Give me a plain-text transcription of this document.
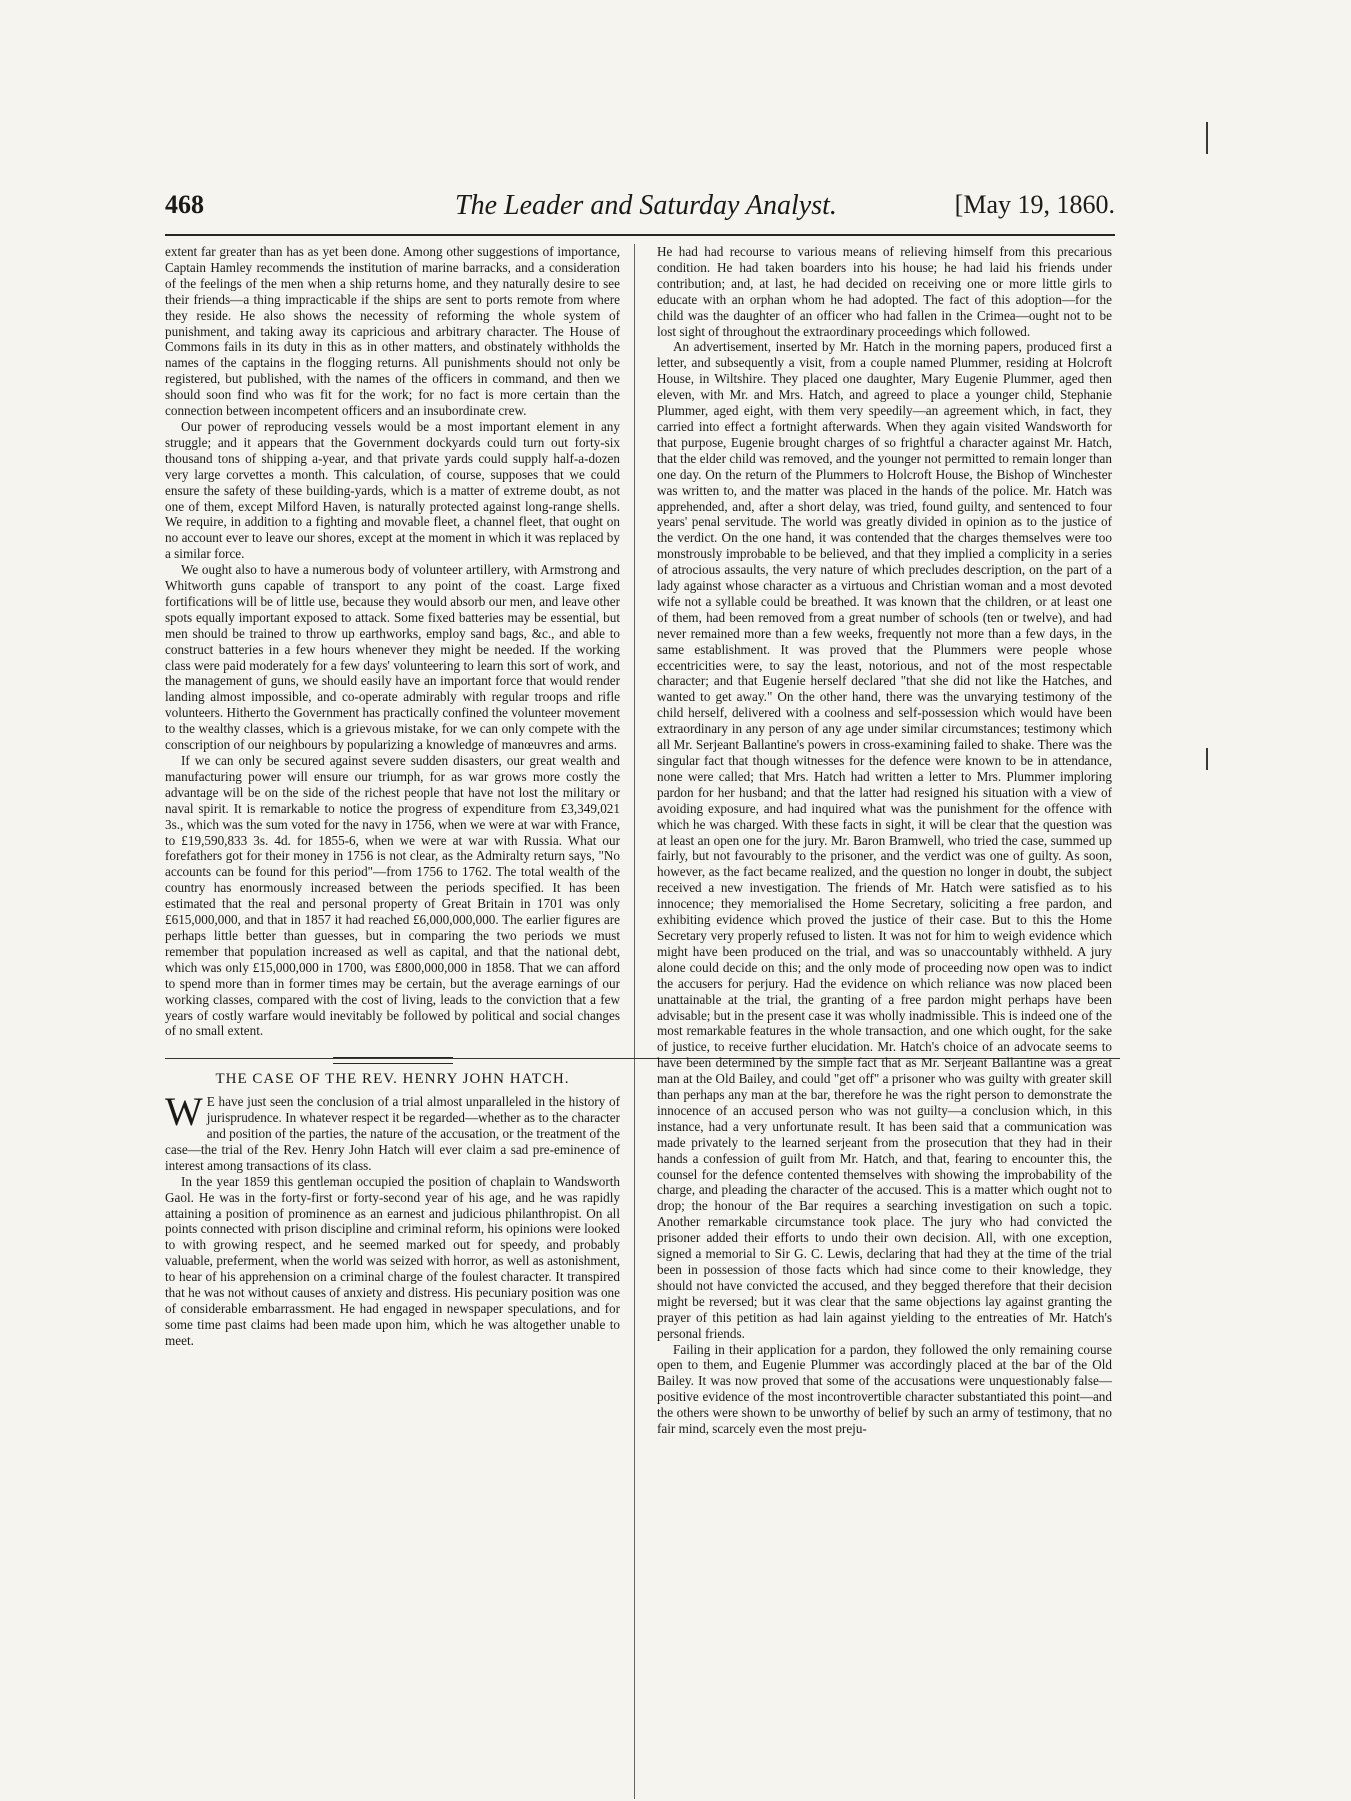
468	The Leader and Saturday Analyst.	[May 19, 1860.

extent far greater than has as yet been done. Among other suggestions of importance, Captain Hamley recommends the institution of marine barracks, and a consideration of the feelings of the men when a ship returns home, and they naturally desire to see their friends—a thing impracticable if the ships are sent to ports remote from where they reside. He also shows the necessity of reforming the whole system of punishment, and taking away its capricious and arbitrary character. The House of Commons fails in its duty in this as in other matters, and obstinately withholds the names of the captains in the flogging returns. All punishments should not only be registered, but published, with the names of the officers in command, and then we should soon find who was fit for the work; for no fact is more certain than the connection between incompetent officers and an insubordinate crew.

Our power of reproducing vessels would be a most important element in any struggle; and it appears that the Government dockyards could turn out forty-six thousand tons of shipping a-year, and that private yards could supply half-a-dozen very large corvettes a month. This calculation, of course, supposes that we could ensure the safety of these building-yards, which is a matter of extreme doubt, as not one of them, except Milford Haven, is naturally protected against long-range shells. We require, in addition to a fighting and movable fleet, a channel fleet, that ought on no account ever to leave our shores, except at the moment in which it was replaced by a similar force.

We ought also to have a numerous body of volunteer artillery, with Armstrong and Whitworth guns capable of transport to any point of the coast. Large fixed fortifications will be of little use, because they would absorb our men, and leave other spots equally important exposed to attack. Some fixed batteries may be essential, but men should be trained to throw up earthworks, employ sand bags, &c., and able to construct batteries in a few hours whenever they might be needed. If the working class were paid moderately for a few days' volunteering to learn this sort of work, and the management of guns, we should easily have an important force that would render landing almost impossible, and co-operate admirably with regular troops and rifle volunteers. Hitherto the Government has practically confined the volunteer movement to the wealthy classes, which is a grievous mistake, for we can only compete with the conscription of our neighbours by popularizing a knowledge of manœuvres and arms.

If we can only be secured against severe sudden disasters, our great wealth and manufacturing power will ensure our triumph, for as war grows more costly the advantage will be on the side of the richest people that have not lost the military or naval spirit. It is remarkable to notice the progress of expenditure from £3,349,021 3s., which was the sum voted for the navy in 1756, when we were at war with France, to £19,590,833 3s. 4d. for 1855-6, when we were at war with Russia. What our forefathers got for their money in 1756 is not clear, as the Admiralty return says, "No accounts can be found for this period"—from 1756 to 1762. The total wealth of the country has enormously increased between the periods specified. It has been estimated that the real and personal property of Great Britain in 1701 was only £615,000,000, and that in 1857 it had reached £6,000,000,000. The earlier figures are perhaps little better than guesses, but in comparing the two periods we must remember that population increased as well as capital, and that the national debt, which was only £15,000,000 in 1700, was £800,000,000 in 1858. That we can afford to spend more than in former times may be certain, but the average earnings of our working classes, compared with the cost of living, leads to the conviction that a few years of costly warfare would inevitably be followed by political and social changes of no small extent.

THE CASE OF THE REV. HENRY JOHN HATCH.

W E have just seen the conclusion of a trial almost unparalleled in the history of jurisprudence. In whatever respect it be regarded—whether as to the character and position of the parties, the nature of the accusation, or the treatment of the case—the trial of the Rev. Henry John Hatch will ever claim a sad pre-eminence of interest among transactions of its class.

In the year 1859 this gentleman occupied the position of chaplain to Wandsworth Gaol. He was in the forty-first or forty-second year of his age, and he was rapidly attaining a position of prominence as an earnest and judicious philanthropist. On all points connected with prison discipline and criminal reform, his opinions were looked to with growing respect, and he seemed marked out for speedy, and probably valuable, preferment, when the world was seized with horror, as well as astonishment, to hear of his apprehension on a criminal charge of the foulest character. It transpired that he was not without causes of anxiety and distress. His pecuniary position was one of considerable embarrassment. He had engaged in newspaper speculations, and for some time past claims had been made upon him, which he was altogether unable to meet.

He had had recourse to various means of relieving himself from this precarious condition. He had taken boarders into his house; he had laid his friends under contribution; and, at last, he had decided on receiving one or more little girls to educate with an orphan whom he had adopted. The fact of this adoption—for the child was the daughter of an officer who had fallen in the Crimea—ought not to be lost sight of throughout the extraordinary proceedings which followed.

An advertisement, inserted by Mr. Hatch in the morning papers, produced first a letter, and subsequently a visit, from a couple named Plummer, residing at Holcroft House, in Wiltshire. They placed one daughter, Mary Eugenie Plummer, aged then eleven, with Mr. and Mrs. Hatch, and agreed to place a younger child, Stephanie Plummer, aged eight, with them very speedily—an agreement which, in fact, they carried into effect a fortnight afterwards. When they again visited Wandsworth for that purpose, Eugenie brought charges of so frightful a character against Mr. Hatch, that the elder child was removed, and the younger not permitted to remain longer than one day. On the return of the Plummers to Holcroft House, the Bishop of Winchester was written to, and the matter was placed in the hands of the police. Mr. Hatch was apprehended, and, after a short delay, was tried, found guilty, and sentenced to four years' penal servitude. The world was greatly divided in opinion as to the justice of the verdict. On the one hand, it was contended that the charges themselves were too monstrously improbable to be believed, and that they implied a complicity in a series of atrocious assaults, the very nature of which precludes description, on the part of a lady against whose character as a virtuous and Christian woman and a most devoted wife not a syllable could be breathed. It was known that the children, or at least one of them, had been removed from a great number of schools (ten or twelve), and had never remained more than a few weeks, frequently not more than a few days, in the same establishment. It was proved that the Plummers were people whose eccentricities were, to say the least, notorious, and not of the most respectable character; and that Eugenie herself declared "that she did not like the Hatches, and wanted to get away." On the other hand, there was the unvarying testimony of the child herself, delivered with a coolness and self-possession which would have been extraordinary in any person of any age under similar circumstances; testimony which all Mr. Serjeant Ballantine's powers in cross-examining failed to shake. There was the singular fact that though witnesses for the defence were known to be in attendance, none were called; that Mrs. Hatch had written a letter to Mrs. Plummer imploring pardon for her husband; and that the latter had resigned his situation with a view of avoiding exposure, and had inquired what was the punishment for the offence with which he was charged. With these facts in sight, it will be clear that the question was at least an open one for the jury. Mr. Baron Bramwell, who tried the case, summed up fairly, but not favourably to the prisoner, and the verdict was one of guilty. As soon, however, as the fact became realized, and the question no longer in doubt, the subject received a new investigation. The friends of Mr. Hatch were satisfied as to his innocence; they memorialised the Home Secretary, soliciting a free pardon, and exhibiting evidence which proved the justice of their case. But to this the Home Secretary very properly refused to listen. It was not for him to weigh evidence which might have been produced on the trial, and was so unaccountably withheld. A jury alone could decide on this; and the only mode of proceeding now open was to indict the accusers for perjury. Had the evidence on which reliance was now placed been unattainable at the trial, the granting of a free pardon might perhaps have been advisable; but in the present case it was wholly inadmissible. This is indeed one of the most remarkable features in the whole transaction, and one which ought, for the sake of justice, to receive further elucidation. Mr. Hatch's choice of an advocate seems to have been determined by the simple fact that as Mr. Serjeant Ballantine was a great man at the Old Bailey, and could "get off" a prisoner who was guilty with greater skill than perhaps any man at the bar, therefore he was the right person to demonstrate the innocence of an accused person who was not guilty—a conclusion which, in this instance, had a very unfortunate result. It has been said that a communication was made privately to the learned serjeant from the prosecution that they had in their hands a confession of guilt from Mr. Hatch, and that, fearing to encounter this, the counsel for the defence contented themselves with showing the improbability of the charge, and pleading the character of the accused. This is a matter which ought not to drop; the honour of the Bar requires a searching investigation on such a topic. Another remarkable circumstance took place. The jury who had convicted the prisoner added their efforts to undo their own decision. All, with one exception, signed a memorial to Sir G. C. Lewis, declaring that had they at the time of the trial been in possession of those facts which had since come to their knowledge, they should not have convicted the accused, and they begged therefore that their decision might be reversed; but it was clear that the same objections lay against granting the prayer of this petition as had lain against yielding to the entreaties of Mr. Hatch's personal friends.

Failing in their application for a pardon, they followed the only remaining course open to them, and Eugenie Plummer was accordingly placed at the bar of the Old Bailey. It was now proved that some of the accusations were unquestionably false—positive evidence of the most incontrovertible character substantiated this point—and the others were shown to be unworthy of belief by such an army of testimony, that no fair mind, scarcely even the most preju-
